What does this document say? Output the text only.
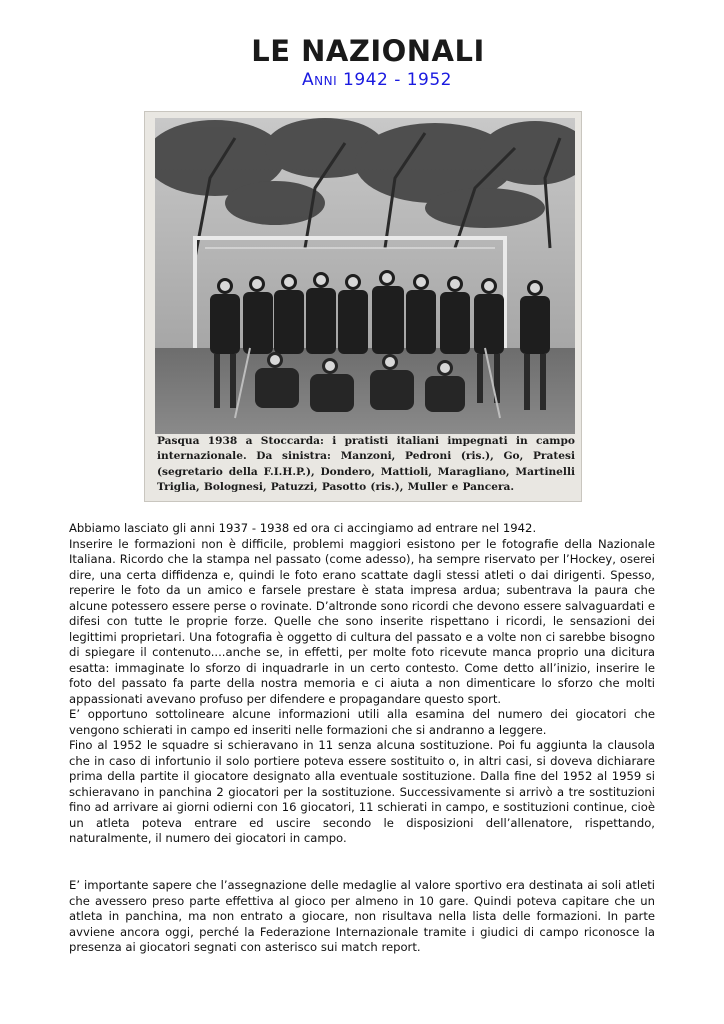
LE NAZIONALI
Anni 1942 - 1952
Pasqua 1938 a Stoccarda: i pratisti italiani impegnati in campo internazionale. Da sinistra: Manzoni, Pedroni (ris.), Go, Pratesi (segretario della F.I.H.P.), Dondero, Mattioli, Maragliano, Martinelli Triglia, Bolognesi, Patuzzi, Pasotto (ris.), Muller e Pancera.

Abbiamo lasciato gli anni 1937 - 1938 ed ora ci accingiamo ad entrare nel 1942.

Inserire le formazioni non è difficile, problemi maggiori esistono per le fotografie della Nazionale Italiana. Ricordo che la stampa nel passato (come adesso), ha sempre riservato per l’Hockey, oserei dire, una certa diffidenza e, quindi le foto erano scattate dagli stessi atleti o dai dirigenti. Spesso, reperire le foto da un amico e farsele prestare è stata impresa ardua; subentrava la paura che alcune potessero essere perse o rovinate. D’altronde sono ricordi che devono essere salvaguardati e difesi con tutte le proprie forze. Quelle che sono inserite rispettano i ricordi, le sensazioni dei legittimi proprietari. Una fotografia è oggetto di cultura del passato e a volte non ci sarebbe bisogno di spiegare il contenuto....anche se, in effetti, per molte foto ricevute manca proprio una dicitura esatta: immaginate lo sforzo di inquadrarle in un certo contesto. Come detto all’inizio, inserire le foto del passato fa parte della nostra memoria e ci aiuta a non dimenticare lo sforzo che molti appassionati avevano profuso per difendere e propagandare questo sport.

E’ opportuno sottolineare alcune informazioni utili alla esamina del numero dei giocatori che vengono schierati in campo ed inseriti nelle formazioni che si andranno a leggere.

Fino al 1952 le squadre si schieravano in 11 senza alcuna sostituzione. Poi fu aggiunta la clausola che in caso di infortunio il solo portiere poteva essere sostituito o, in altri casi, si doveva dichiarare prima della partite il giocatore designato alla eventuale sostituzione. Dalla fine del 1952 al 1959 si schieravano in panchina 2 giocatori per la sostituzione. Successivamente si arrivò a tre sostituzioni fino ad arrivare ai giorni odierni con 16 giocatori, 11 schierati in campo, e sostituzioni continue, cioè un atleta poteva entrare ed uscire secondo le disposizioni dell’allenatore, rispettando, naturalmente, il numero dei giocatori in campo.

E’ importante sapere che l’assegnazione delle medaglie al valore sportivo era destinata ai soli atleti che avessero preso parte effettiva al gioco per almeno in 10 gare. Quindi poteva capitare che un atleta in panchina, ma non entrato a giocare, non risultava nella lista delle formazioni. In parte avviene ancora oggi, perché la Federazione Internazionale tramite i giudici di campo riconosce la presenza ai giocatori segnati con asterisco sui match report.
